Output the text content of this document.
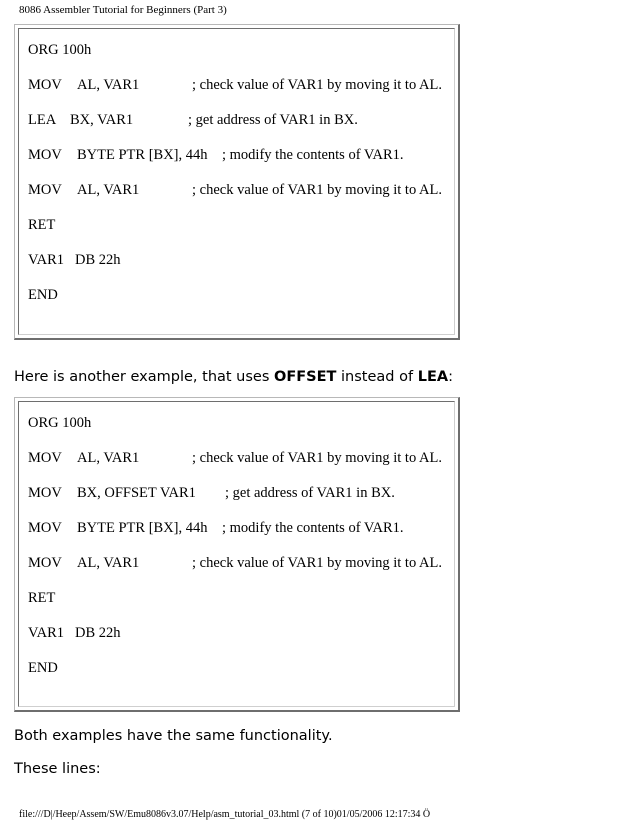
8086 Assembler Tutorial for Beginners (Part 3)
ORG 100h
MOV AL, VAR1	; check value of VAR1 by moving it to AL.
LEA BX, VAR1	; get address of VAR1 in BX.
MOV BYTE PTR [BX], 44h ; modify the contents of VAR1.
MOV AL, VAR1	; check value of VAR1 by moving it to AL.
RET
VAR1 DB 22h
END
Here is another example, that uses OFFSET instead of LEA:
ORG 100h
MOV AL, VAR1	; check value of VAR1 by moving it to AL.
MOV BX, OFFSET VAR1 ; get address of VAR1 in BX.
MOV BYTE PTR [BX], 44h ; modify the contents of VAR1.
MOV AL, VAR1	; check value of VAR1 by moving it to AL.
RET
VAR1 DB 22h
END
Both examples have the same functionality.
These lines:
file:///D|/Heep/Assem/SW/Emu8086v3.07/Help/asm_tutorial_03.html (7 of 10)01/05/2006 12:17:34 Ö
